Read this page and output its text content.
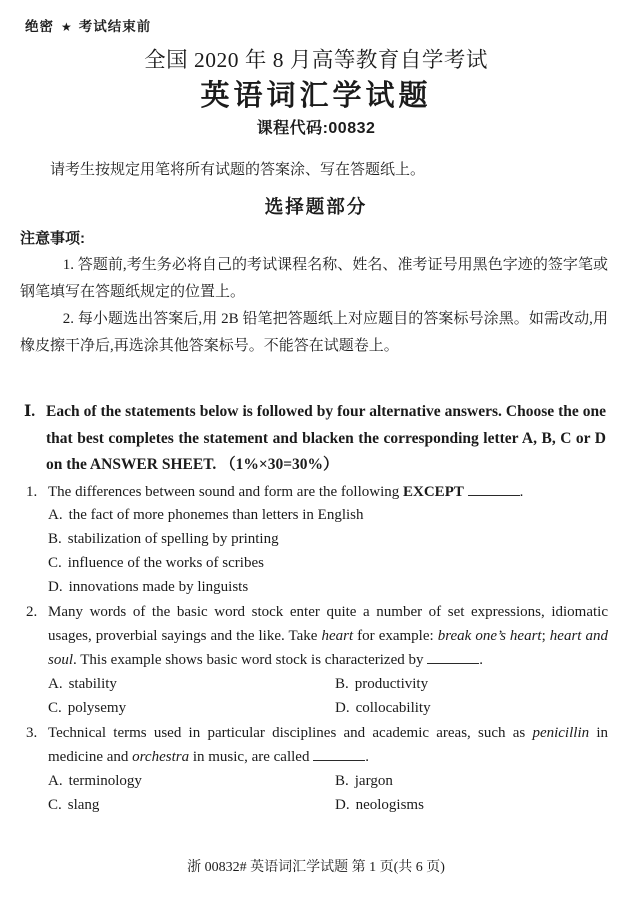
绝密 ★ 考试结束前
全国 2020 年 8 月高等教育自学考试
英语词汇学试题
课程代码:00832

请考生按规定用笔将所有试题的答案涂、写在答题纸上。

选择题部分
注意事项:

1. 答题前,考生务必将自己的考试课程名称、姓名、准考证号用黑色字迹的签字笔或钢笔填写在答题纸规定的位置上。

2. 每小题选出答案后,用 2B 铅笔把答题纸上对应题目的答案标号涂黑。如需改动,用橡皮擦干净后,再选涂其他答案标号。不能答在试题卷上。

Ⅰ. Each of the statements below is followed by four alternative answers. Choose the one that best completes the statement and blacken the corresponding letter A, B, C or D on the ANSWER SHEET. （1%×30=30%）
1. The differences between sound and form are the following EXCEPT	.
A. the fact of more phonemes than letters in English
B. stabilization of spelling by printing
C. influence of the works of scribes
D. innovations made by linguists
2. Many words of the basic word stock enter quite a number of set expressions, idiomatic usages, proverbial sayings and the like. Take heart for example: break one’s heart; heart and soul. This example shows basic word stock is characterized by	.
A. stability	B. productivity
C. polysemy	D. collocability
3. Technical terms used in particular disciplines and academic areas, such as penicillin in medicine and orchestra in music, are called	.
A. terminology	B. jargon
C. slang	D. neologisms
浙 00832# 英语词汇学试题 第 1 页(共 6 页)
